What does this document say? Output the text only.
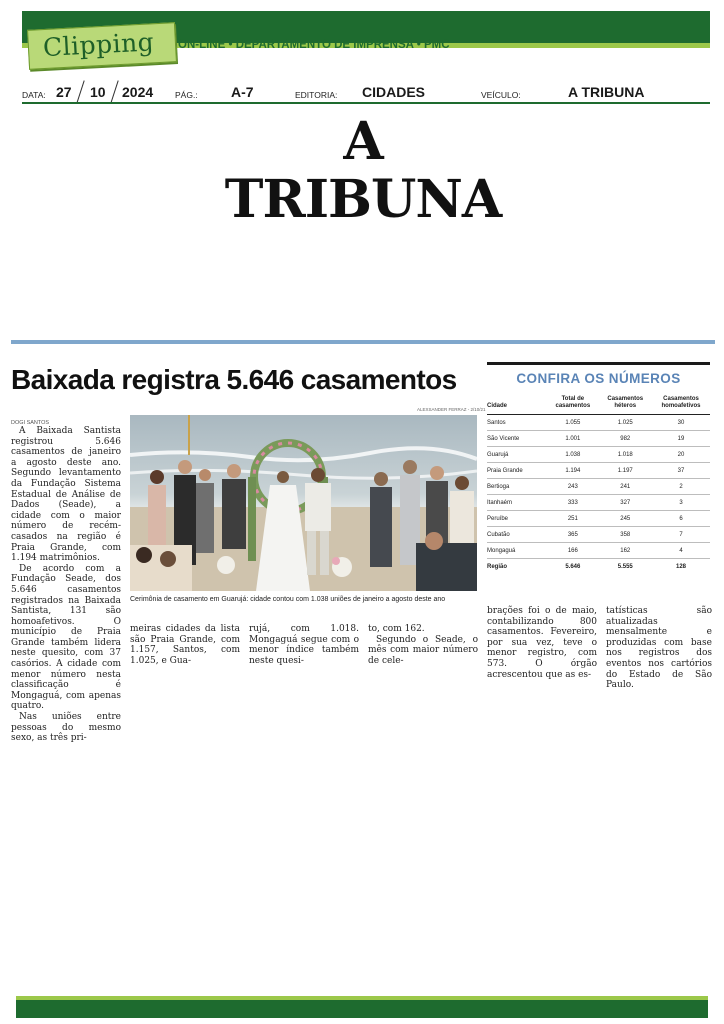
Clipping	ON-LINE • DEPARTAMENTO DE IMPRENSA • PMC
DATA: 27 10 2024	PÁG.: A-7	EDITORIA: CIDADES	VEÍCULO:	A TRIBUNA
A TRIBUNA
Baixada registra 5.646 casamentos
DOGI SANTOS

A Baixada Santista registrou 5.646 casamentos de janeiro a agosto deste ano. Segundo levantamento da Fundação Sistema Estadual de Análise de Dados (Seade), a cidade com o maior número de recém-casados na região é Praia Grande, com 1.194 matrimônios.

De acordo com a Fundação Seade, dos 5.646 casamentos registrados na Baixada Santista, 131 são homoafetivos. O município de Praia Grande também lidera neste quesito, com 37 casórios. A cidade com menor número nesta classificação é Mongaguá, com apenas quatro.

Nas uniões entre pessoas do mesmo sexo, as três pri-

ALEXSANDER FERRAZ - 2/10/21
Cerimônia de casamento em Guarujá: cidade contou com 1.038 uniões de janeiro a agosto deste ano

meiras cidades da lista são Praia Grande, com 1.157, Santos, com 1.025, e Gua-

rujá, com 1.018. Mongaguá segue com o menor índice também neste quesi-

to, com 162.

Segundo o Seade, o mês com maior número de cele-

brações foi o de maio, contabilizando 800 casamentos. Fevereiro, por sua vez, teve o menor registro, com 573. O órgão acrescentou que as es-

tatísticas são atualizadas mensalmente e produzidas com base nos registros dos eventos nos cartórios do Estado de São Paulo.

CONFIRA OS NÚMEROS
Cidade	Total de casamentos	Casamentos héteros	Casamentos homoafetivos
Santos	1.055	1.025	30
São Vicente	1.001	982	19
Guarujá	1.038	1.018	20
Praia Grande	1.194	1.197	37
Bertioga	243	241	2
Itanhaém	333	327	3
Peruíbe	251	245	6
Cubatão	365	358	7
Mongaguá	166	162	4
Região	5.646	5.555	128
